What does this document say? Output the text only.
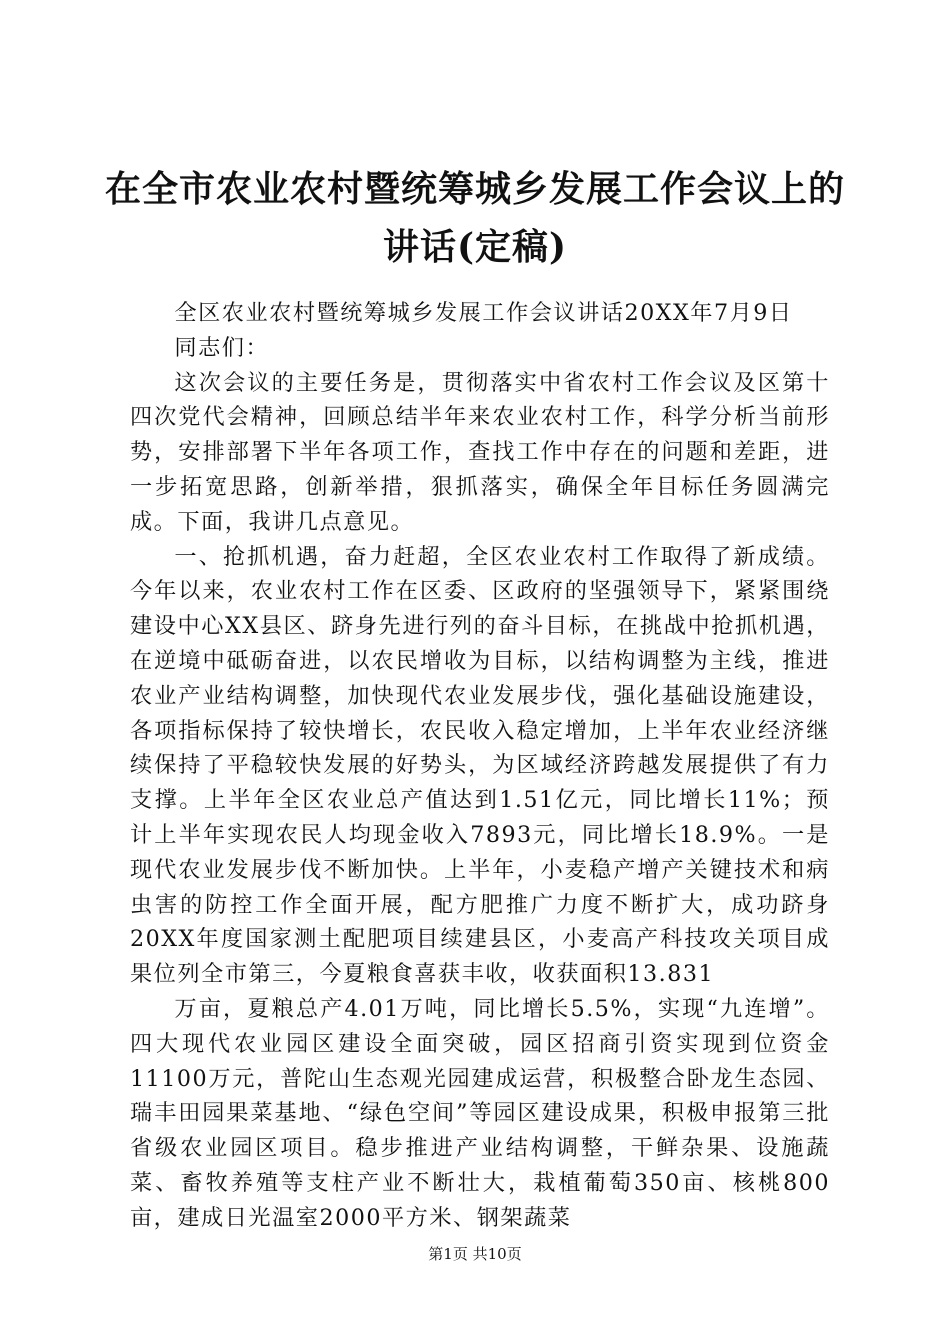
在全市农业农村暨统筹城乡发展工作会议上的讲话(定稿)

全区农业农村暨统筹城乡发展工作会议讲话20XX年7月9日

同志们：

这次会议的主要任务是，贯彻落实中省农村工作会议及区第十四次党代会精神，回顾总结半年来农业农村工作，科学分析当前形势，安排部署下半年各项工作，查找工作中存在的问题和差距，进一步拓宽思路，创新举措，狠抓落实，确保全年目标任务圆满完成。下面，我讲几点意见。

一、抢抓机遇，奋力赶超，全区农业农村工作取得了新成绩。今年以来，农业农村工作在区委、区政府的坚强领导下，紧紧围绕建设中心XX县区、跻身先进行列的奋斗目标，在挑战中抢抓机遇，在逆境中砥砺奋进，以农民增收为目标，以结构调整为主线，推进农业产业结构调整，加快现代农业发展步伐，强化基础设施建设，各项指标保持了较快增长，农民收入稳定增加，上半年农业经济继续保持了平稳较快发展的好势头，为区域经济跨越发展提供了有力支撑。上半年全区农业总产值达到1.51亿元，同比增长11%；预计上半年实现农民人均现金收入7893元，同比增长18.9%。一是现代农业发展步伐不断加快。上半年，小麦稳产增产关键技术和病虫害的防控工作全面开展，配方肥推广力度不断扩大，成功跻身20XX年度国家测土配肥项目续建县区，小麦高产科技攻关项目成果位列全市第三，今夏粮食喜获丰收，收获面积13.831

万亩，夏粮总产4.01万吨，同比增长5.5%，实现“九连增”。四大现代农业园区建设全面突破，园区招商引资实现到位资金11100万元，普陀山生态观光园建成运营，积极整合卧龙生态园、瑞丰田园果菜基地、“绿色空间”等园区建设成果，积极申报第三批省级农业园区项目。稳步推进产业结构调整，干鲜杂果、设施蔬菜、畜牧养殖等支柱产业不断壮大，栽植葡萄350亩、核桃800亩，建成日光温室2000平方米、钢架蔬菜

第1页 共10页
